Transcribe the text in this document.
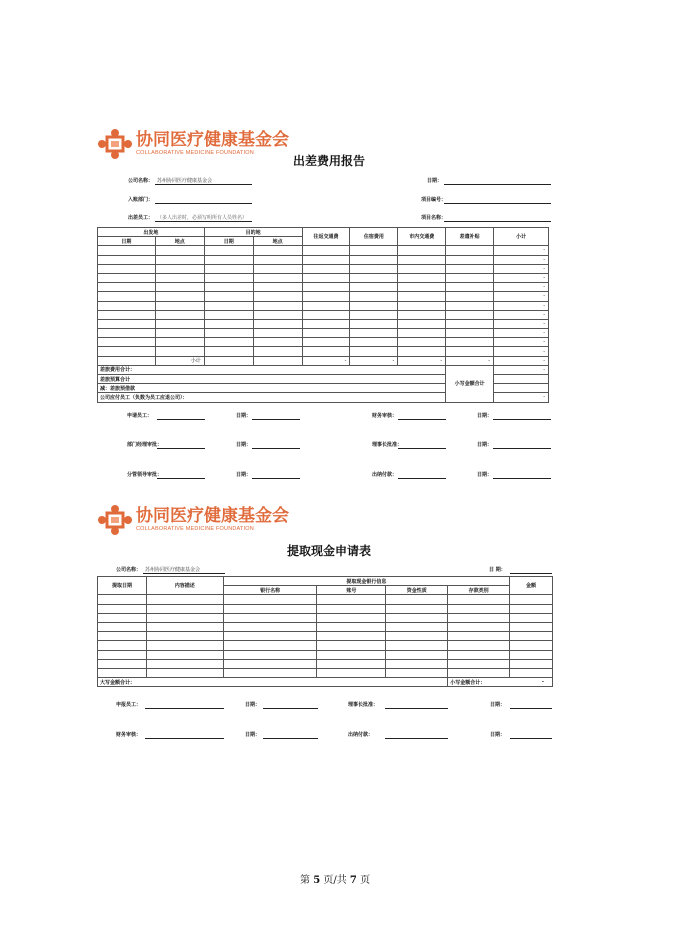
协同医疗健康基金会
COLLABORATIVE MEDICINE FOUNDATION
出差费用报告
公司名称： 苏州协同医疗健康基金会	日期：
入账部门：	项目编号：
出差员工： （多人出差时，必须写明所有人员姓名）	项目名称：
出发地		目的地		往返交通费	住宿费用	市内交通费	差遣补贴	小计
日期	地点	日期	地点					
								-
								-
								-
								-
								-
								-
								-
								-
								-
								-
								-
								-
	小计			-	-	-	-	-
差旅费用合计：							小写金额合计	-
差旅预算合计								
减：差旅预借款								
公司应付员工（负数为员工应退公司）：								-
申请员工：	日期：	财务审核：	日期：
部门经理审批：	日期：	理事长批准：	日期：
分管领导审批：	日期：	出纳付款：	日期：
协同医疗健康基金会
COLLABORATIVE MEDICINE FOUNDATION
提取现金申请表
公司名称： 苏州协同医疗健康基金会	日 期：
提取日期	内容描述	提取现金银行信息				金额
		银行名称	账号	资金性质	存款类别	

大写金额合计：					小写金额合计： -	
申报员工：	日期：	理事长批准：	日期：
财务审核：	日期：	出纳付款：	日期：
第 5 页/共 7 页
